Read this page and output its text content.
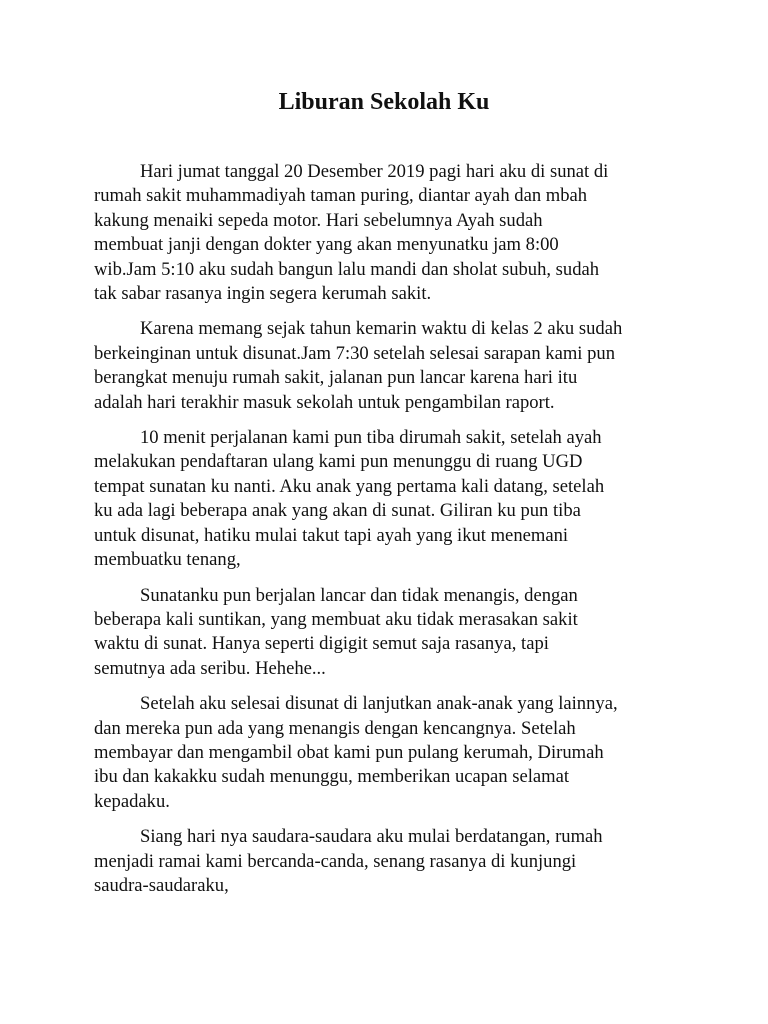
Liburan Sekolah Ku

Hari jumat tanggal 20 Desember 2019 pagi hari aku di sunat di
rumah sakit muhammadiyah taman puring, diantar ayah dan mbah
kakung menaiki sepeda motor. Hari sebelumnya Ayah sudah
membuat janji dengan dokter yang akan menyunatku jam 8:00
wib.Jam 5:10 aku sudah bangun lalu mandi dan sholat subuh, sudah
tak sabar rasanya ingin segera kerumah sakit.

Karena memang sejak tahun kemarin waktu di kelas 2 aku sudah
berkeinginan untuk disunat.Jam 7:30 setelah selesai sarapan kami pun
berangkat menuju rumah sakit, jalanan pun lancar karena hari itu
adalah hari terakhir masuk sekolah untuk pengambilan raport.

10 menit perjalanan kami pun tiba dirumah sakit, setelah ayah
melakukan pendaftaran ulang kami pun menunggu di ruang UGD
tempat sunatan ku nanti. Aku anak yang pertama kali datang, setelah
ku ada lagi beberapa anak yang akan di sunat. Giliran ku pun tiba
untuk disunat, hatiku mulai takut tapi ayah yang ikut menemani
membuatku tenang,

Sunatanku pun berjalan lancar dan tidak menangis, dengan
beberapa kali suntikan, yang membuat aku tidak merasakan sakit
waktu di sunat. Hanya seperti digigit semut saja rasanya, tapi
semutnya ada seribu. Hehehe...

Setelah aku selesai disunat di lanjutkan anak-anak yang lainnya,
dan mereka pun ada yang menangis dengan kencangnya. Setelah
membayar dan mengambil obat kami pun pulang kerumah, Dirumah
ibu dan kakakku sudah menunggu, memberikan ucapan selamat
kepadaku.

Siang hari nya saudara-saudara aku mulai berdatangan, rumah
menjadi ramai kami bercanda-canda, senang rasanya di kunjungi
saudra-saudaraku,
